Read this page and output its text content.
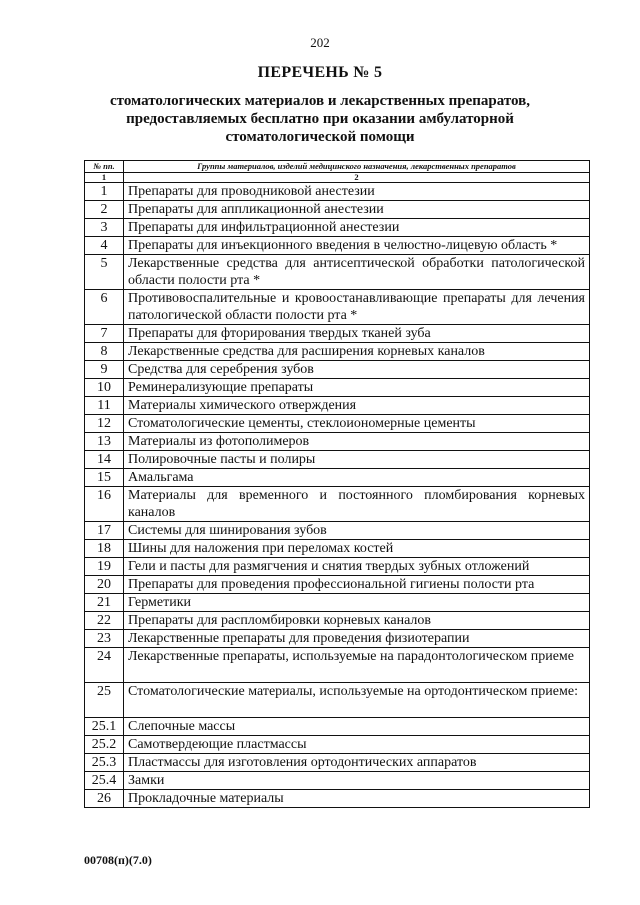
202
ПЕРЕЧЕНЬ № 5
стоматологических материалов и лекарственных препаратов, предоставляемых бесплатно при оказании амбулаторной стоматологической помощи
№ пп.	Группы материалов, изделий медицинского назначения, лекарственных препаратов
1	2
1	Препараты для проводниковой анестезии
2	Препараты для аппликационной анестезии
3	Препараты для инфильтрационной анестезии
4	Препараты для инъекционного введения в челюстно-лицевую область *
5	Лекарственные средства для антисептической обработки патологической области полости рта *
6	Противовоспалительные и кровоостанавливающие препараты для лечения патологической области полости рта *
7	Препараты для фторирования твердых тканей зуба
8	Лекарственные средства для расширения корневых каналов
9	Средства для серебрения зубов
10	Реминерализующие препараты
11	Материалы химического отверждения
12	Стоматологические цементы, стеклоиономерные цементы
13	Материалы из фотополимеров
14	Полировочные пасты и полиры
15	Амальгама
16	Материалы для временного и постоянного пломбирования корневых каналов
17	Системы для шинирования зубов
18	Шины для наложения при переломах костей
19	Гели и пасты для размягчения и снятия твердых зубных отложений
20	Препараты для проведения профессиональной гигиены полости рта
21	Герметики
22	Препараты для распломбировки корневых каналов
23	Лекарственные препараты для проведения физиотерапии
24	Лекарственные препараты, используемые на парадонтологическом приеме
25	Стоматологические материалы, используемые на ортодонтическом приеме:
25.1	Слепочные массы
25.2	Самотвердеющие пластмассы
25.3	Пластмассы для изготовления ортодонтических аппаратов
25.4	Замки
26	Прокладочные материалы
00708(п)(7.0)
